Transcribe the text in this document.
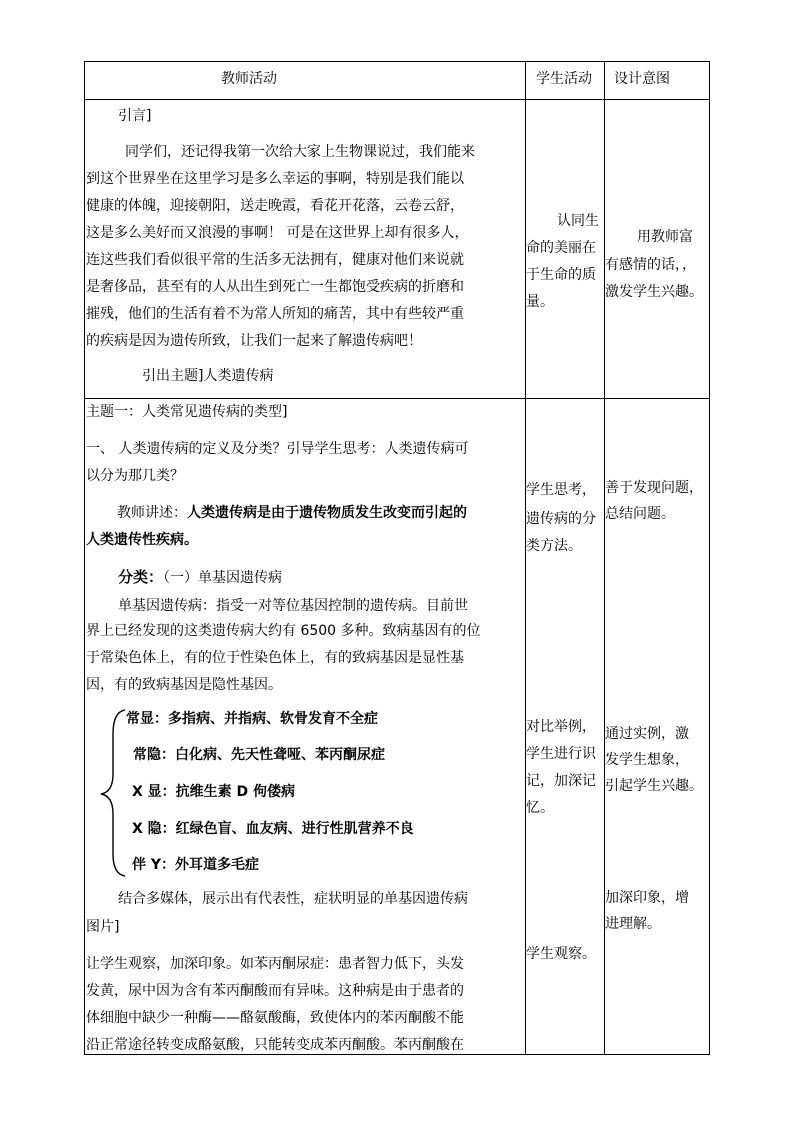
教师活动	学生活动 设计意图
引言]
同学们，还记得我第一次给大家上生物课说过，我们能来
到这个世界坐在这里学习是多么幸运的事啊，特别是我们能以
健康的体魄，迎接朝阳，送走晚霞，看花开花落，云卷云舒，
这是多么美好而又浪漫的事啊！ 可是在这世界上却有很多人，
连这些我们看似很平常的生活多无法拥有，健康对他们来说就
是奢侈品，甚至有的人从出生到死亡一生都饱受疾病的折磨和
摧残，他们的生活有着不为常人所知的痛苦，其中有些较严重
的疾病是因为遗传所致，让我们一起来了解遗传病吧！
引出主题]人类遗传病
认同生
命的美丽在
于生命的质
量。
用教师富
有感情的话，，
激发学生兴趣。
主题一：人类常见遗传病的类型]
一、 人类遗传病的定义及分类？引导学生思考：人类遗传病可
以分为那几类？
教师讲述：人类遗传病是由于遗传物质发生改变而引起的
人类遗传性疾病。
分类：（一）单基因遗传病
单基因遗传病：指受一对等位基因控制的遗传病。目前世
界上已经发现的这类遗传病大约有 6500 多种。致病基因有的位
于常染色体上，有的位于性染色体上，有的致病基因是显性基
因，有的致病基因是隐性基因。
常显：多指病、并指病、软骨发育不全症
常隐：白化病、先天性聋哑、苯丙酮尿症
X 显：抗维生素 D 佝偻病
X 隐：红绿色盲、血友病、进行性肌营养不良
伴 Y：外耳道多毛症
结合多媒体，展示出有代表性，症状明显的单基因遗传病
图片]
让学生观察，加深印象。如苯丙酮尿症：患者智力低下，头发
发黄，尿中因为含有苯丙酮酸而有异味。这种病是由于患者的
体细胞中缺少一种酶——酪氨酸酶，致使体内的苯丙酮酸不能
沿正常途径转变成酪氨酸，只能转变成苯丙酮酸。苯丙酮酸在
学生思考，
遗传病的分
类方法。
善于发现问题，
总结问题。
对比举例，
学生进行识
记，加深记
忆。
通过实例，激
发学生想象，
引起学生兴趣。
加深印象，增
进理解。
学生观察。
